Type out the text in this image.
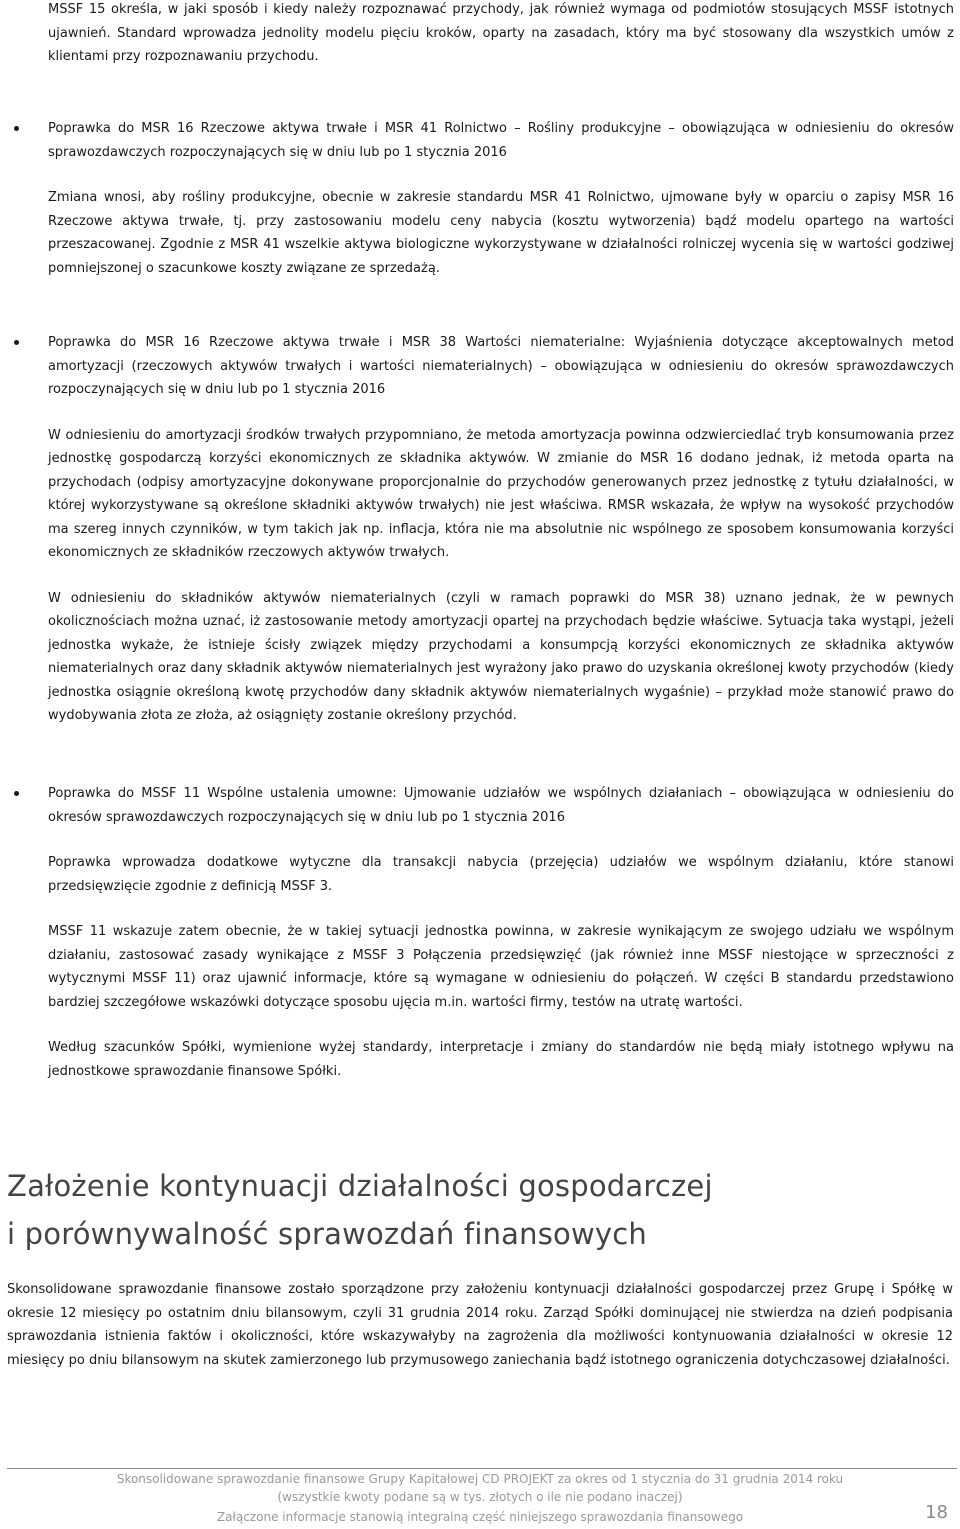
MSSF 15 określa, w jaki sposób i kiedy należy rozpoznawać przychody, jak również wymaga od podmiotów stosujących MSSF istotnych ujawnień. Standard wprowadza jednolity modelu pięciu kroków, oparty na zasadach, który ma być stosowany dla wszystkich umów z klientami przy rozpoznawaniu przychodu.

Poprawka do MSR 16 Rzeczowe aktywa trwałe i MSR 41 Rolnictwo – Rośliny produkcyjne – obowiązująca w odniesieniu do okresów sprawozdawczych rozpoczynających się w dniu lub po 1 stycznia 2016

Zmiana wnosi, aby rośliny produkcyjne, obecnie w zakresie standardu MSR 41 Rolnictwo, ujmowane były w oparciu o zapisy MSR 16 Rzeczowe aktywa trwałe, tj. przy zastosowaniu modelu ceny nabycia (kosztu wytworzenia) bądź modelu opartego na wartości przeszacowanej. Zgodnie z MSR 41 wszelkie aktywa biologiczne wykorzystywane w działalności rolniczej wycenia się w wartości godziwej pomniejszonej o szacunkowe koszty związane ze sprzedażą.

Poprawka do MSR 16 Rzeczowe aktywa trwałe i MSR 38 Wartości niematerialne: Wyjaśnienia dotyczące akceptowalnych metod amortyzacji (rzeczowych aktywów trwałych i wartości niematerialnych) – obowiązująca w odniesieniu do okresów sprawozdawczych rozpoczynających się w dniu lub po 1 stycznia 2016

W odniesieniu do amortyzacji środków trwałych przypomniano, że metoda amortyzacja powinna odzwierciedlać tryb konsumowania przez jednostkę gospodarczą korzyści ekonomicznych ze składnika aktywów. W zmianie do MSR 16 dodano jednak, iż metoda oparta na przychodach (odpisy amortyzacyjne dokonywane proporcjonalnie do przychodów generowanych przez jednostkę z tytułu działalności, w której wykorzystywane są określone składniki aktywów trwałych) nie jest właściwa. RMSR wskazała, że wpływ na wysokość przychodów ma szereg innych czynników, w tym takich jak np. inflacja, która nie ma absolutnie nic wspólnego ze sposobem konsumowania korzyści ekonomicznych ze składników rzeczowych aktywów trwałych.

W odniesieniu do składników aktywów niematerialnych (czyli w ramach poprawki do MSR 38) uznano jednak, że w pewnych okolicznościach można uznać, iż zastosowanie metody amortyzacji opartej na przychodach będzie właściwe. Sytuacja taka wystąpi, jeżeli jednostka wykaże, że istnieje ścisły związek między przychodami a konsumpcją korzyści ekonomicznych ze składnika aktywów niematerialnych oraz dany składnik aktywów niematerialnych jest wyrażony jako prawo do uzyskania określonej kwoty przychodów (kiedy jednostka osiągnie określoną kwotę przychodów dany składnik aktywów niematerialnych wygaśnie) – przykład może stanowić prawo do wydobywania złota ze złoża, aż osiągnięty zostanie określony przychód.

Poprawka do MSSF 11 Wspólne ustalenia umowne: Ujmowanie udziałów we wspólnych działaniach – obowiązująca w odniesieniu do okresów sprawozdawczych rozpoczynających się w dniu lub po 1 stycznia 2016

Poprawka wprowadza dodatkowe wytyczne dla transakcji nabycia (przejęcia) udziałów we wspólnym działaniu, które stanowi przedsięwzięcie zgodnie z definicją MSSF 3.

MSSF 11 wskazuje zatem obecnie, że w takiej sytuacji jednostka powinna, w zakresie wynikającym ze swojego udziału we wspólnym działaniu, zastosować zasady wynikające z MSSF 3 Połączenia przedsięwzięć (jak również inne MSSF niestojące w sprzeczności z wytycznymi MSSF 11) oraz ujawnić informacje, które są wymagane w odniesieniu do połączeń. W części B standardu przedstawiono bardziej szczegółowe wskazówki dotyczące sposobu ujęcia m.in. wartości firmy, testów na utratę wartości.

Według szacunków Spółki, wymienione wyżej standardy, interpretacje i zmiany do standardów nie będą miały istotnego wpływu na jednostkowe sprawozdanie finansowe Spółki.

Założenie kontynuacji działalności gospodarczej
i porównywalność sprawozdań finansowych

Skonsolidowane sprawozdanie finansowe zostało sporządzone przy założeniu kontynuacji działalności gospodarczej przez Grupę i Spółkę w okresie 12 miesięcy po ostatnim dniu bilansowym, czyli 31 grudnia 2014 roku. Zarząd Spółki dominującej nie stwierdza na dzień podpisania sprawozdania istnienia faktów i okoliczności, które wskazywałyby na zagrożenia dla możliwości kontynuowania działalności w okresie 12 miesięcy po dniu bilansowym na skutek zamierzonego lub przymusowego zaniechania bądź istotnego ograniczenia dotychczasowej działalności.

Skonsolidowane sprawozdanie finansowe Grupy Kapitałowej CD PROJEKT za okres od 1 stycznia do 31 grudnia 2014 roku
(wszystkie kwoty podane są w tys. złotych o ile nie podano inaczej)
Załączone informacje stanowią integralną część niniejszego sprawozdania finansowego	18
